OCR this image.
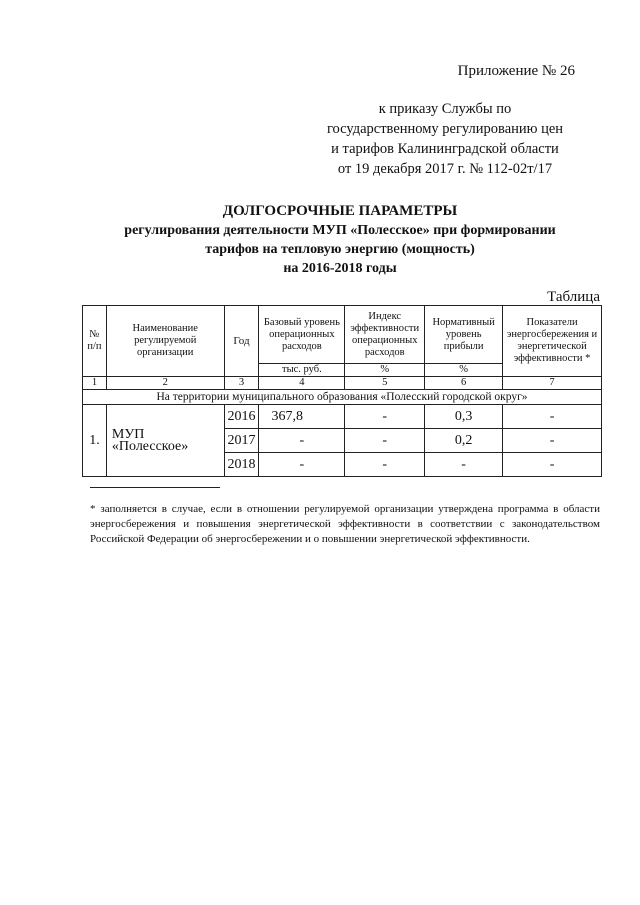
Приложение № 26
к приказу Службы по
государственному регулированию цен
и тарифов Калининградской области
от 19 декабря 2017 г. № 112-02т/17
ДОЛГОСРОЧНЫЕ ПАРАМЕТРЫ
регулирования деятельности МУП «Полесское» при формировании
тарифов на тепловую энергию (мощность)
на 2016-2018 годы
Таблица
№ п/п	Наименование регулируемой организации	Год	Базовый уровень операционных расходов	Индекс эффективности операционных расходов	Нормативный уровень прибыли	Показатели энергосбережения и энергетической эффективности *
			тыс. руб.	%	%	
1	2	3	4	5	6	7
На территории муниципального образования «Полесский городской округ»						
1.	МУП «Полесское»	2016	367,8	-	0,3	-
		2017	-	-	0,2	-
		2018	-	-	-	-
* заполняется в случае, если в отношении регулируемой организации утверждена программа в области энергосбережения и повышения энергетической эффективности в соответствии с законодательством Российской Федерации об энергосбережении и о повышении энергетической эффективности.
